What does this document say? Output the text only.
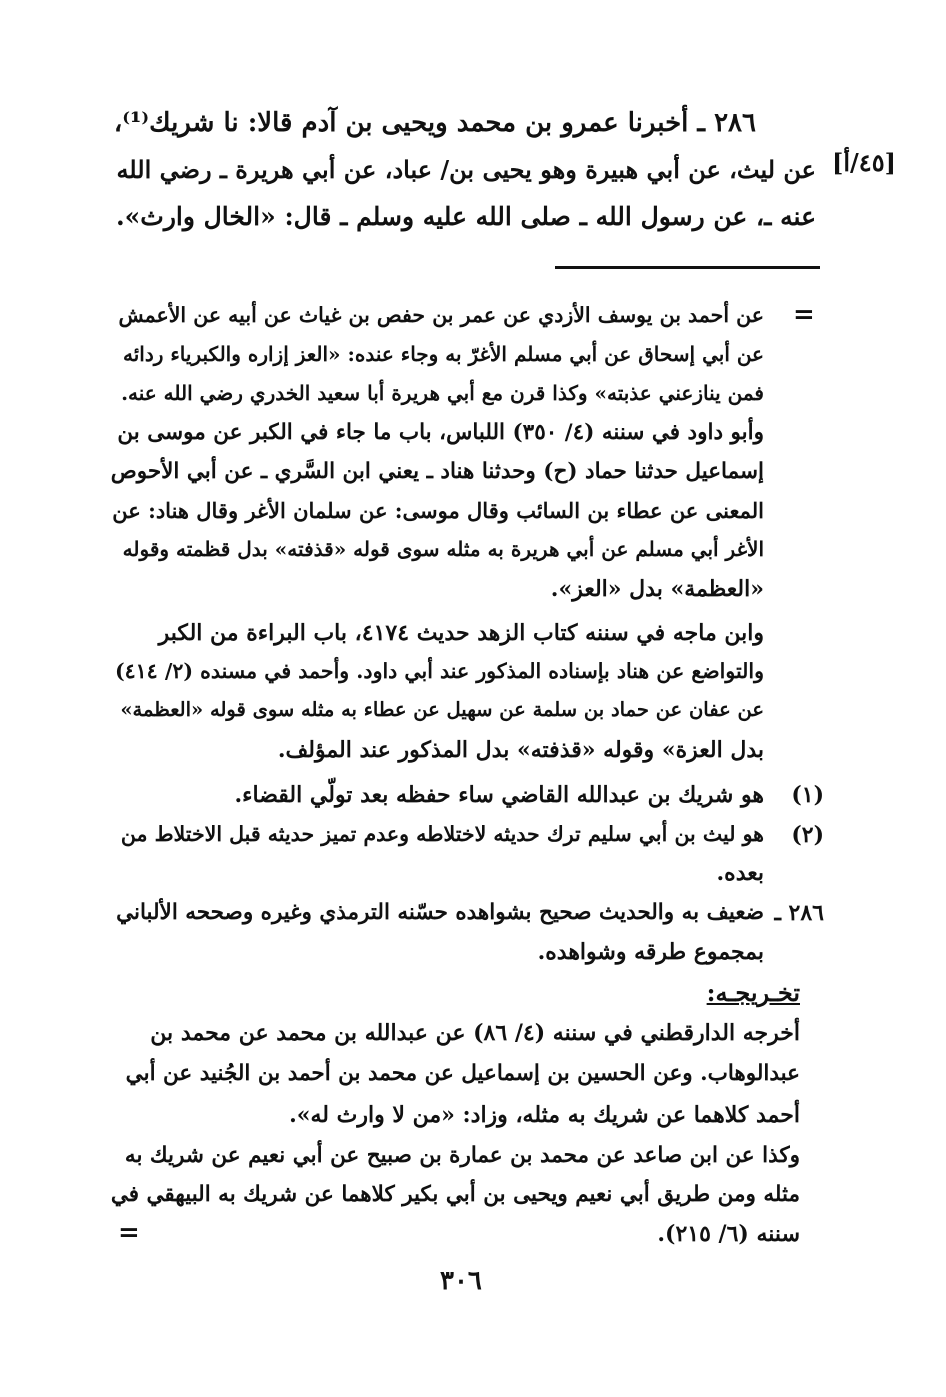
٢٨٦ ـ أخبرنا عمرو بن محمد ويحيى بن آدم قالا: نا شريك⁽¹⁾،
عن ليث، عن أبي هبيرة وهو يحيى بن/ عباد، عن أبي هريرة ـ رضي الله
عنه ـ، عن رسول الله ـ صلى الله عليه وسلم ـ قال: «الخال وارث».
[٤٥/أ]
=
عن أحمد بن يوسف الأزدي عن عمر بن حفص بن غياث عن أبيه عن الأعمش
عن أبي إسحاق عن أبي مسلم الأغرّ به وجاء عنده: «العز إزاره والكبرياء ردائه
فمن ينازعني عذبته» وكذا قرن مع أبي هريرة أبا سعيد الخدري رضي الله عنه.
وأبو داود في سننه (٤/ ٣٥٠) اللباس، باب ما جاء في الكبر عن موسى بن
إسماعيل حدثنا حماد (ح) وحدثنا هناد ـ يعني ابن السَّري ـ عن أبي الأحوص
المعنى عن عطاء بن السائب وقال موسى: عن سلمان الأغر وقال هناد: عن
الأغر أبي مسلم عن أبي هريرة به مثله سوى قوله «قذفته» بدل قظمته وقوله
«العظمة» بدل «العز».
وابن ماجه في سننه كتاب الزهد حديث ٤١٧٤، باب البراءة من الكبر
والتواضع عن هناد بإسناده المذكور عند أبي داود. وأحمد في مسنده (٢/ ٤١٤)
عن عفان عن حماد بن سلمة عن سهيل عن عطاء به مثله سوى قوله «العظمة»
بدل العزة» وقوله «قذفته» بدل المذكور عند المؤلف.
(١)
هو شريك بن عبدالله القاضي ساء حفظه بعد تولّي القضاء.
(٢)
هو ليث بن أبي سليم ترك حديثه لاختلاطه وعدم تميز حديثه قبل الاختلاط من
بعده.
٢٨٦ ـ
ضعيف به والحديث صحيح بشواهده حسّنه الترمذي وغيره وصححه الألباني
بمجموع طرقه وشواهده.
تخـريجـه:
أخرجه الدارقطني في سننه (٤/ ٨٦) عن عبدالله بن محمد عن محمد بن
عبدالوهاب. وعن الحسين بن إسماعيل عن محمد بن أحمد بن الجُنيد عن أبي
أحمد كلاهما عن شريك به مثله، وزاد: «من لا وارث له».
وكذا عن ابن صاعد عن محمد بن عمارة بن صبيح عن أبي نعيم عن شريك به
مثله ومن طريق أبي نعيم ويحيى بن أبي بكير كلاهما عن شريك به البيهقي في
سننه (٦/ ٢١٥).
=
٣٠٦
